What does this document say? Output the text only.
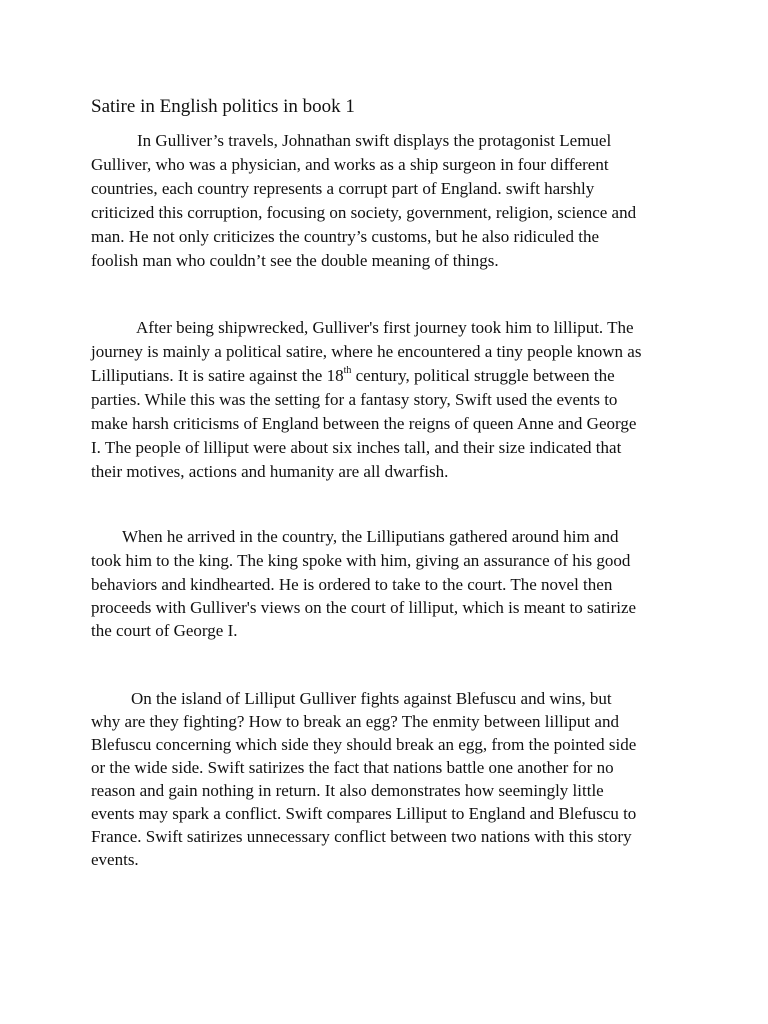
Satire in English politics in book 1
In Gulliver’s travels, Johnathan swift displays the protagonist Lemuel
Gulliver, who was a physician, and works as a ship surgeon in four different
countries, each country represents a corrupt part of England. swift harshly
criticized this corruption, focusing on society, government, religion, science and
man. He not only criticizes the country’s customs, but he also ridiculed the
foolish man who couldn’t see the double meaning of things.
After being shipwrecked, Gulliver's first journey took him to lilliput. The
journey is mainly a political satire, where he encountered a tiny people known as
Lilliputians. It is satire against the 18th century, political struggle between the
parties. While this was the setting for a fantasy story, Swift used the events to
make harsh criticisms of England between the reigns of queen Anne and George
I. The people of lilliput were about six inches tall, and their size indicated that
their motives, actions and humanity are all dwarfish.
When he arrived in the country, the Lilliputians gathered around him and
took him to the king. The king spoke with him, giving an assurance of his good
behaviors and kindhearted. He is ordered to take to the court. The novel then
proceeds with Gulliver's views on the court of lilliput, which is meant to satirize
the court of George I.
On the island of Lilliput Gulliver fights against Blefuscu and wins, but
why are they fighting? How to break an egg? The enmity between lilliput and
Blefuscu concerning which side they should break an egg, from the pointed side
or the wide side. Swift satirizes the fact that nations battle one another for no
reason and gain nothing in return. It also demonstrates how seemingly little
events may spark a conflict. Swift compares Lilliput to England and Blefuscu to
France. Swift satirizes unnecessary conflict between two nations with this story
events.
